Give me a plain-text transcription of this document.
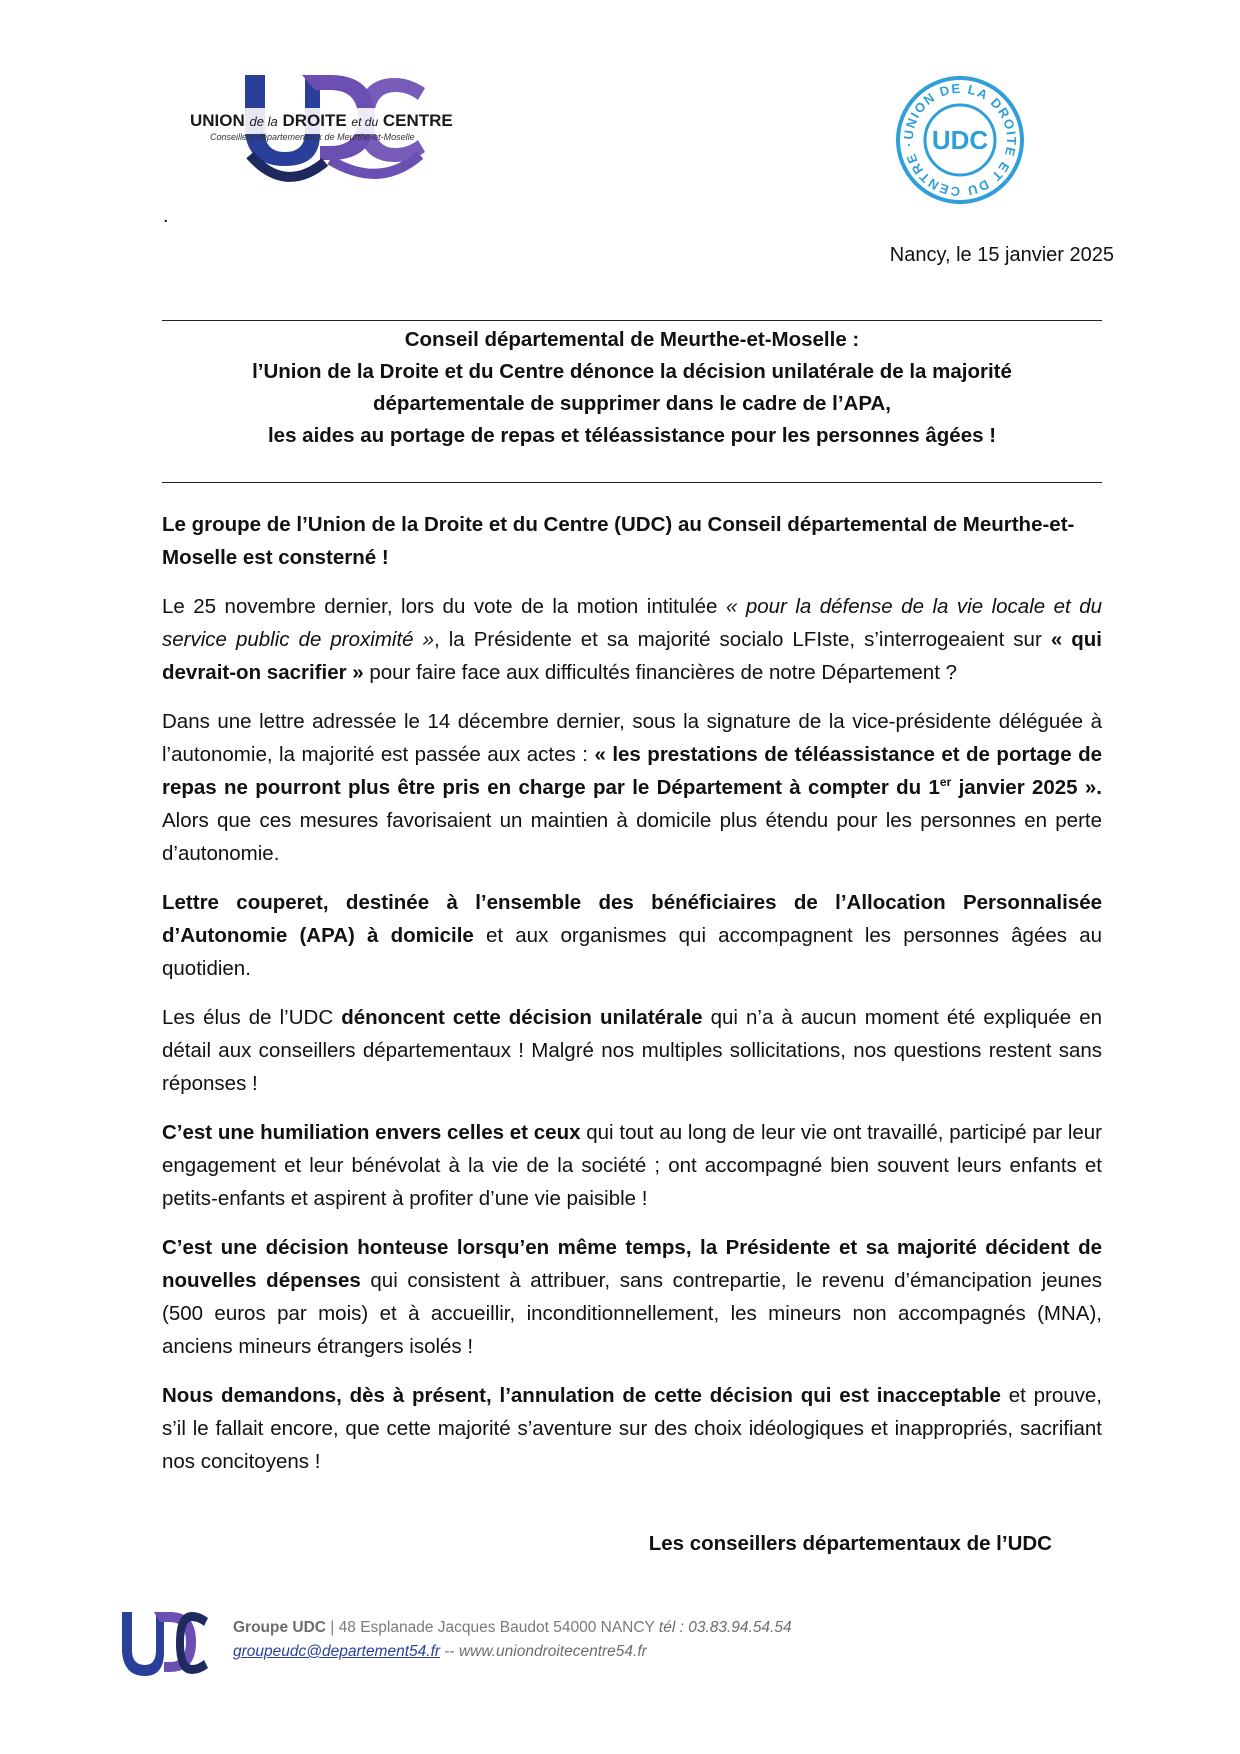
UNION de la DROITE et du CENTRE
Conseillers départementaux de Meurthe-et-Moselle	UNION DE LA DROITE ET DU CENTRE · UDC
.
Nancy, le 15 janvier 2025
Conseil départemental de Meurthe-et-Moselle :
l’Union de la Droite et du Centre dénonce la décision unilatérale de la majorité
départementale de supprimer dans le cadre de l’APA,
les aides au portage de repas et téléassistance pour les personnes âgées !

Le groupe de l’Union de la Droite et du Centre (UDC) au Conseil départemental de Meurthe-et-Moselle est consterné !

Le 25 novembre dernier, lors du vote de la motion intitulée « pour la défense de la vie locale et du service public de proximité », la Présidente et sa majorité socialo LFIste, s’interrogeaient sur « qui devrait-on sacrifier » pour faire face aux difficultés financières de notre Département ?

Dans une lettre adressée le 14 décembre dernier, sous la signature de la vice-présidente déléguée à l’autonomie, la majorité est passée aux actes : « les prestations de téléassistance et de portage de repas ne pourront plus être pris en charge par le Département à compter du 1er janvier 2025 ». Alors que ces mesures favorisaient un maintien à domicile plus étendu pour les personnes en perte d’autonomie.

Lettre couperet, destinée à l’ensemble des bénéficiaires de l’Allocation Personnalisée d’Autonomie (APA) à domicile et aux organismes qui accompagnent les personnes âgées au quotidien.

Les élus de l’UDC dénoncent cette décision unilatérale qui n’a à aucun moment été expliquée en détail aux conseillers départementaux ! Malgré nos multiples sollicitations, nos questions restent sans réponses !

C’est une humiliation envers celles et ceux qui tout au long de leur vie ont travaillé, participé par leur engagement et leur bénévolat à la vie de la société ; ont accompagné bien souvent leurs enfants et petits-enfants et aspirent à profiter d’une vie paisible !

C’est une décision honteuse lorsqu’en même temps, la Présidente et sa majorité décident de nouvelles dépenses qui consistent à attribuer, sans contrepartie, le revenu d’émancipation jeunes (500 euros par mois) et à accueillir, inconditionnellement, les mineurs non accompagnés (MNA), anciens mineurs étrangers isolés !

Nous demandons, dès à présent, l’annulation de cette décision qui est inacceptable et prouve, s’il le fallait encore, que cette majorité s’aventure sur des choix idéologiques et inappropriés, sacrifiant nos concitoyens !

Les conseillers départementaux de l’UDC
Groupe UDC | 48 Esplanade Jacques Baudot 54000 NANCY tél : 03.83.94.54.54
groupeudc@departement54.fr -- www.uniondroitecentre54.fr
